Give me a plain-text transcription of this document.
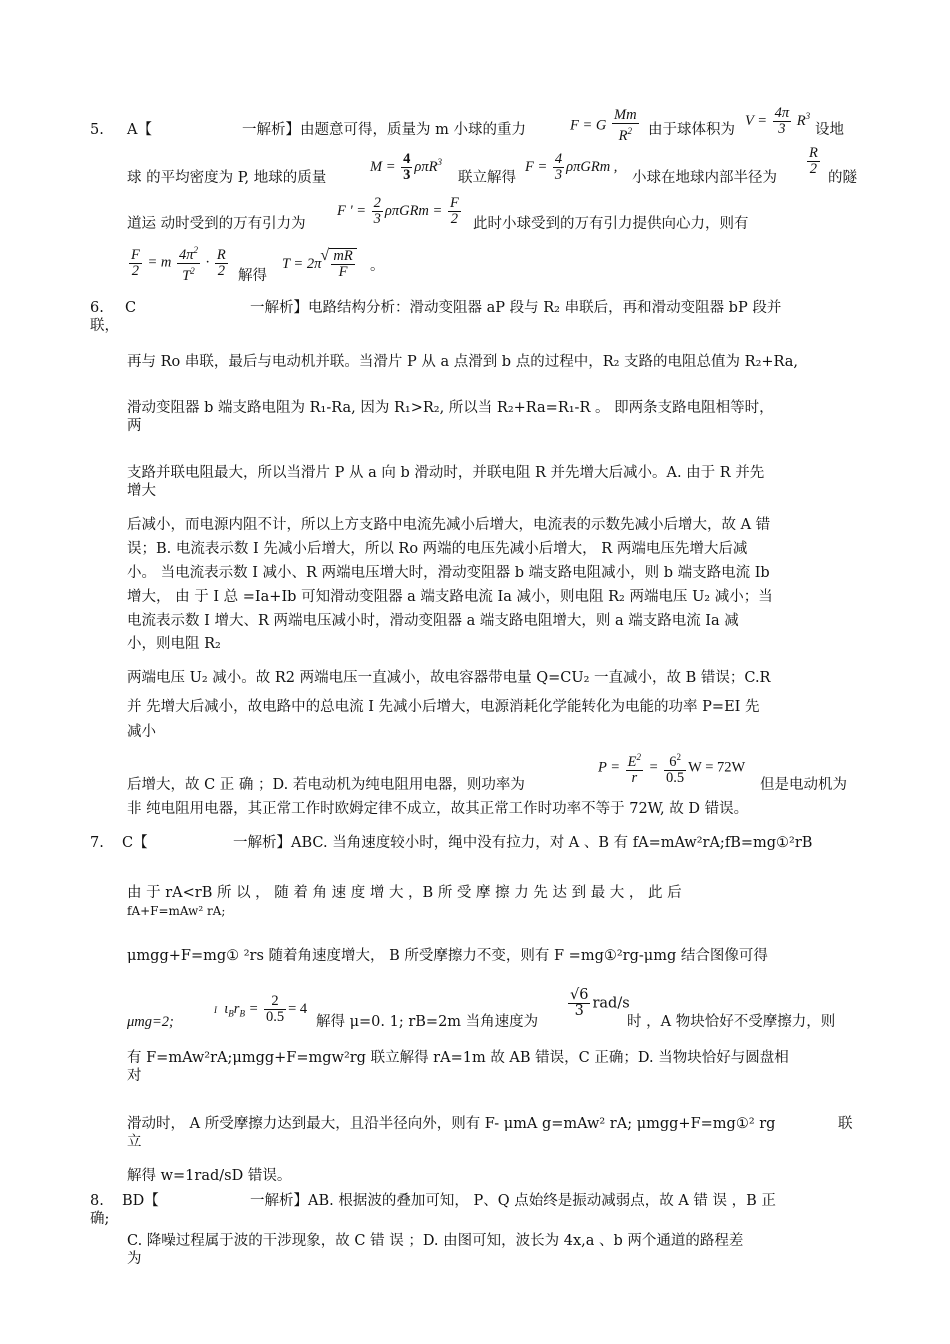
5. A【	一解析】由题意可得，质量为 m 小球的重力	F = G $\frac{Mm}{R^2}$ 由于球体积为
$V = \frac{4\pi}{3} R^3$
设地
球 的平均密度为 P, 地球的质量
$M = \frac{4}{3} \rho\pi R^3$
联立解得
$F = \frac{4}{3}$ ρπGRm ,
小球在地球内部半径为
$\frac{R}{2}$
的隧
道运 动时受到的万有引力为
F ' = $\frac{2}{3}$ $\rho\pi GRm = \frac{F}{2}$ 此时小球受到的万有引力提供向心力，则有
$\frac{F}{2} = m \frac{4\pi^2}{T^2} \cdot \frac{R}{2}$ 解得
T = 2π √ $\frac{mR}{F}$ 。
6. C	一解析】电路结构分析：滑动变阻器 aP 段与 R₂ 串联后，再和滑动变阻器 bP 段并
联，
再与 Ro 串联，最后与电动机并联。当滑片 P 从 a 点滑到 b 点的过程中，R₂ 支路的电阻总值为 R₂+Ra,
滑动变阻器 b 端支路电阻为 R₁-Ra, 因为 R₁>R₂, 所以当 R₂+Ra=R₁-R 。 即两条支路电阻相等时，
两
支路并联电阻最大，所以当滑片 P 从 a 向 b 滑动时，并联电阻 R 并先增大后减小。A. 由于 R 并先
增大
后减小，而电源内阻不计，所以上方支路中电流先减小后增大，电流表的示数先减小后增大，故 A 错
误；B. 电流表示数 I 先减小后增大，所以 Ro 两端的电压先减小后增大， R 两端电压先增大后减
小。 当电流表示数 I 减小、R 两端电压增大时，滑动变阻器 b 端支路电阻减小，则 b 端支路电流 Ib
增大， 由 于 I 总 =Ia+Ib 可知滑动变阻器 a 端支路电流 Ia 减小，则电阻 R₂ 两端电压 U₂ 减小；当
电流表示数 I 增大、R 两端电压减小时，滑动变阻器 a 端支路电阻增大，则 a 端支路电流 Ia 减
小，则电阻 R₂
两端电压 U₂ 减小。故 R2 两端电压一直减小，故电容器带电量 Q=CU₂ 一直减小，故 B 错误；C.R
并 先增大后减小，故电路中的总电流 I 先减小后增大，电源消耗化学能转化为电能的功率 P=EI 先
减小
后增大，故 C 正 确 ；D. 若电动机为纯电阻用电器，则功率为
$P = \frac{E^2}{r} = \frac{6^2}{0.5}$ W = 72W
但是电动机为
非 纯电阻用电器，其正常工作时欧姆定律不成立，故其正常工作时功率不等于 72W, 故 D 错误。
7. C【	一解析】ABC. 当角速度较小时，绳中没有拉力，对 A 、B 有 fA=mAw²rA;fB=mg①²rB
由 于 rA<rB 所 以 ， 随 着 角 速 度 增 大 ，B 所 受 摩 擦 力 先 达 到 最 大 ， 此 后
fA+F=mAw² rA;
μmgg+F=mg① ²rs 随着角速度增大， B 所受摩擦力不变，则有 F =mg①²rg-μmg 结合图像可得
μmg=2;
I  $\iota_Br_B = \frac{2}{0.5} = 4$
解得 μ=0. 1; rB=2m 当角速度为
$\frac{√6}{3} rad/s$
时 ，A 物块恰好不受摩擦力，则
有 F=mAw²rA;μmgg+F=mgw²rg 联立解得 rA=1m 故 AB 错误，C 正确；D. 当物块恰好与圆盘相
对
滑动时， A 所受摩擦力达到最大，且沿半径向外，则有 F- μmA g=mAw² rA; μmgg+F=mg①² rg	联
立
解得 w=1rad/sD 错误。
8. BD【	一解析】AB. 根据波的叠加可知， P、Q 点始终是振动减弱点，故 A 错 误 ，B 正
确;
C. 降噪过程属于波的干涉现象，故 C 错 误 ；D. 由图可知，波长为 4x,a 、b 两个通道的路程差
为
